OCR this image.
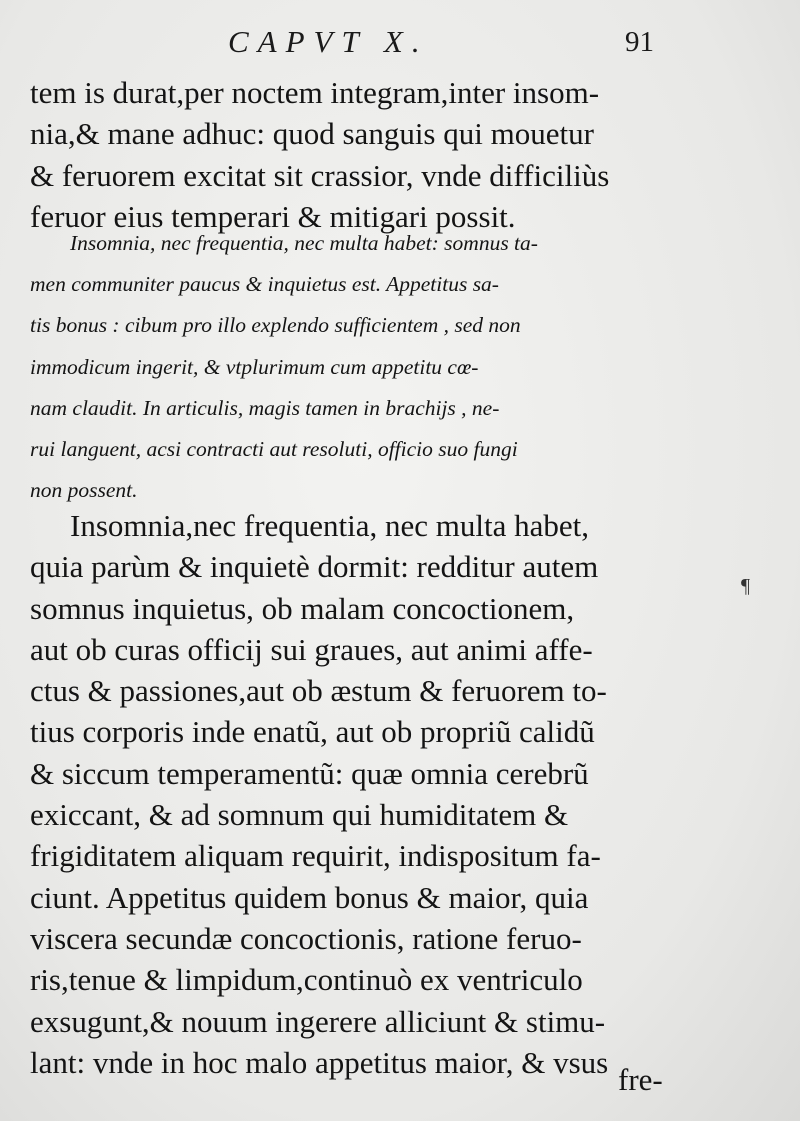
CAPVT X.	91
tem is durat,per noctem integram,inter insom-
nia,& mane adhuc: quod sanguis qui mouetur
& feruorem excitat sit crassior, vnde difficiliùs
feruor eius temperari & mitigari possit.
Insomnia, nec frequentia, nec multa habet: somnus ta-
men communiter paucus & inquietus est. Appetitus sa-
tis bonus : cibum pro illo explendo sufficientem , sed non
immodicum ingerit, & vtplurimum cum appetitu cœ-
nam claudit. In articulis, magis tamen in brachijs , ne-
rui languent, acsi contracti aut resoluti, officio suo fungi
non possent.
Insomnia,nec frequentia, nec multa habet,
quia parùm & inquietè dormit: redditur autem
somnus inquietus, ob malam concoctionem,
aut ob curas officij sui graues, aut animi affe-
ctus & passiones,aut ob æstum & feruorem to-
tius corporis inde enatũ, aut ob propriũ calidũ
& siccum temperamentũ: quæ omnia cerebrũ
exiccant, & ad somnum qui humiditatem &
frigiditatem aliquam requirit, indispositum fa-
ciunt. Appetitus quidem bonus & maior, quia
viscera secundæ concoctionis, ratione feruo-
ris,tenue & limpidum,continuò ex ventriculo
exsugunt,& nouum ingerere alliciunt & stimu-
lant: vnde in hoc malo appetitus maior, & vsus
¶
fre-
